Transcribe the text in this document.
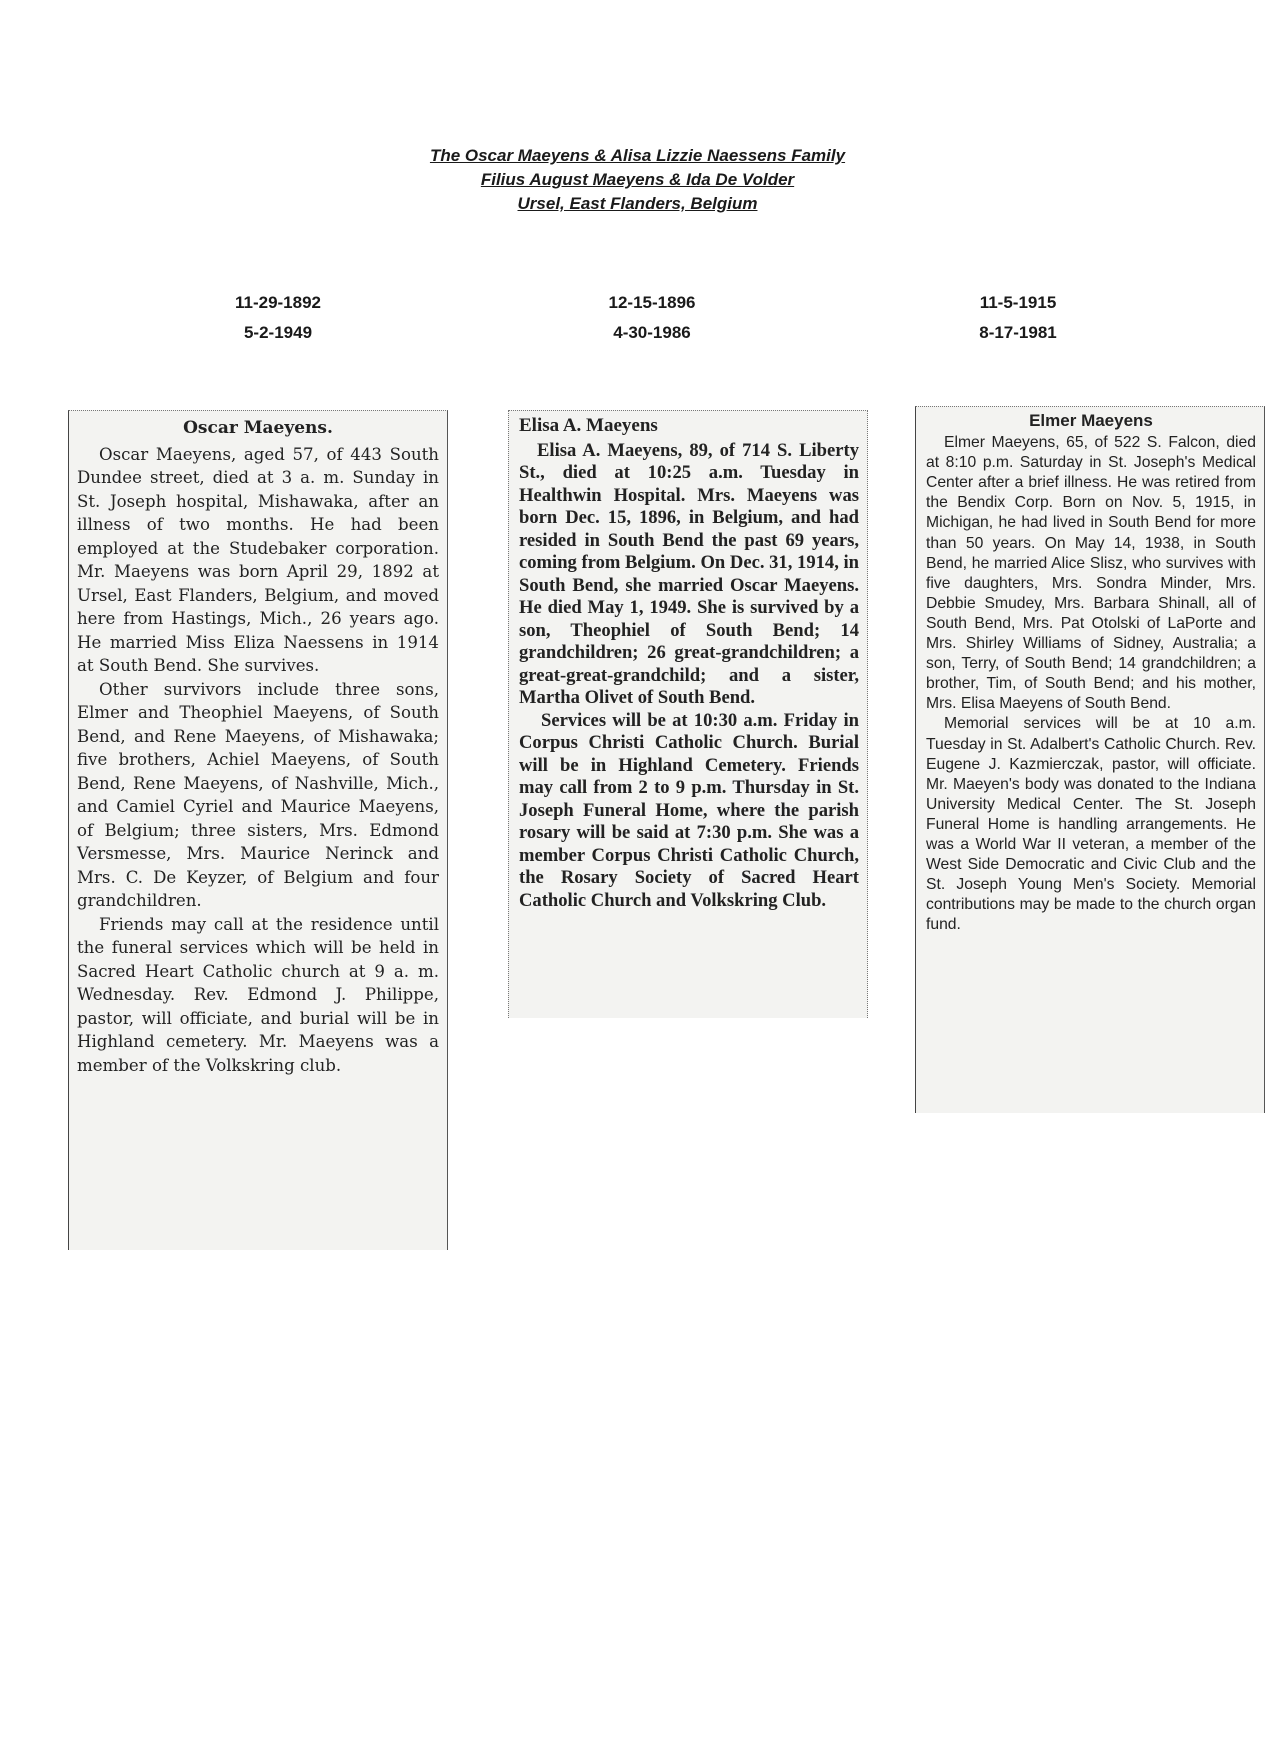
The Oscar Maeyens & Alisa Lizzie Naessens Family
Filius August Maeyens & Ida De Volder
Ursel, East Flanders, Belgium
11-29-1892
5-2-1949
12-15-1896
4-30-1986
11-5-1915
8-17-1981
Oscar Maeyens.

Oscar Maeyens, aged 57, of 443 South Dundee street, died at 3 a. m. Sunday in St. Joseph hospital, Mishawaka, after an illness of two months. He had been employed at the Studebaker corporation. Mr. Maeyens was born April 29, 1892 at Ursel, East Flanders, Belgium, and moved here from Hastings, Mich., 26 years ago. He married Miss Eliza Naessens in 1914 at South Bend. She survives.

Other survivors include three sons, Elmer and Theophiel Maeyens, of South Bend, and Rene Maeyens, of Mishawaka; five brothers, Achiel Maeyens, of South Bend, Rene Maeyens, of Nashville, Mich., and Camiel Cyriel and Maurice Maeyens, of Belgium; three sisters, Mrs. Edmond Versmesse, Mrs. Maurice Nerinck and Mrs. C. De Keyzer, of Belgium and four grandchildren.

Friends may call at the residence until the funeral services which will be held in Sacred Heart Catholic church at 9 a. m. Wednesday. Rev. Edmond J. Philippe, pastor, will officiate, and burial will be in Highland cemetery. Mr. Maeyens was a member of the Volkskring club.

Elisa A. Maeyens

Elisa A. Maeyens, 89, of 714 S. Liberty St., died at 10:25 a.m. Tuesday in Healthwin Hospital. Mrs. Maeyens was born Dec. 15, 1896, in Belgium, and had resided in South Bend the past 69 years, coming from Belgium. On Dec. 31, 1914, in South Bend, she married Oscar Maeyens. He died May 1, 1949. She is survived by a son, Theophiel of South Bend; 14 grandchildren; 26 great-grandchildren; a great-great-grandchild; and a sister, Martha Olivet of South Bend.

Services will be at 10:30 a.m. Friday in Corpus Christi Catholic Church. Burial will be in Highland Cemetery. Friends may call from 2 to 9 p.m. Thursday in St. Joseph Funeral Home, where the parish rosary will be said at 7:30 p.m. She was a member Corpus Christi Catholic Church, the Rosary Society of Sacred Heart Catholic Church and Volkskring Club.

Elmer Maeyens

Elmer Maeyens, 65, of 522 S. Falcon, died at 8:10 p.m. Saturday in St. Joseph's Medical Center after a brief illness. He was retired from the Bendix Corp. Born on Nov. 5, 1915, in Michigan, he had lived in South Bend for more than 50 years. On May 14, 1938, in South Bend, he married Alice Slisz, who survives with five daughters, Mrs. Sondra Minder, Mrs. Debbie Smudey, Mrs. Barbara Shinall, all of South Bend, Mrs. Pat Otolski of LaPorte and Mrs. Shirley Williams of Sidney, Australia; a son, Terry, of South Bend; 14 grandchildren; a brother, Tim, of South Bend; and his mother, Mrs. Elisa Maeyens of South Bend.

Memorial services will be at 10 a.m. Tuesday in St. Adalbert's Catholic Church. Rev. Eugene J. Kazmierczak, pastor, will officiate. Mr. Maeyen's body was donated to the Indiana University Medical Center. The St. Joseph Funeral Home is handling arrangements. He was a World War II veteran, a member of the West Side Democratic and Civic Club and the St. Joseph Young Men's Society. Memorial contributions may be made to the church organ fund.
